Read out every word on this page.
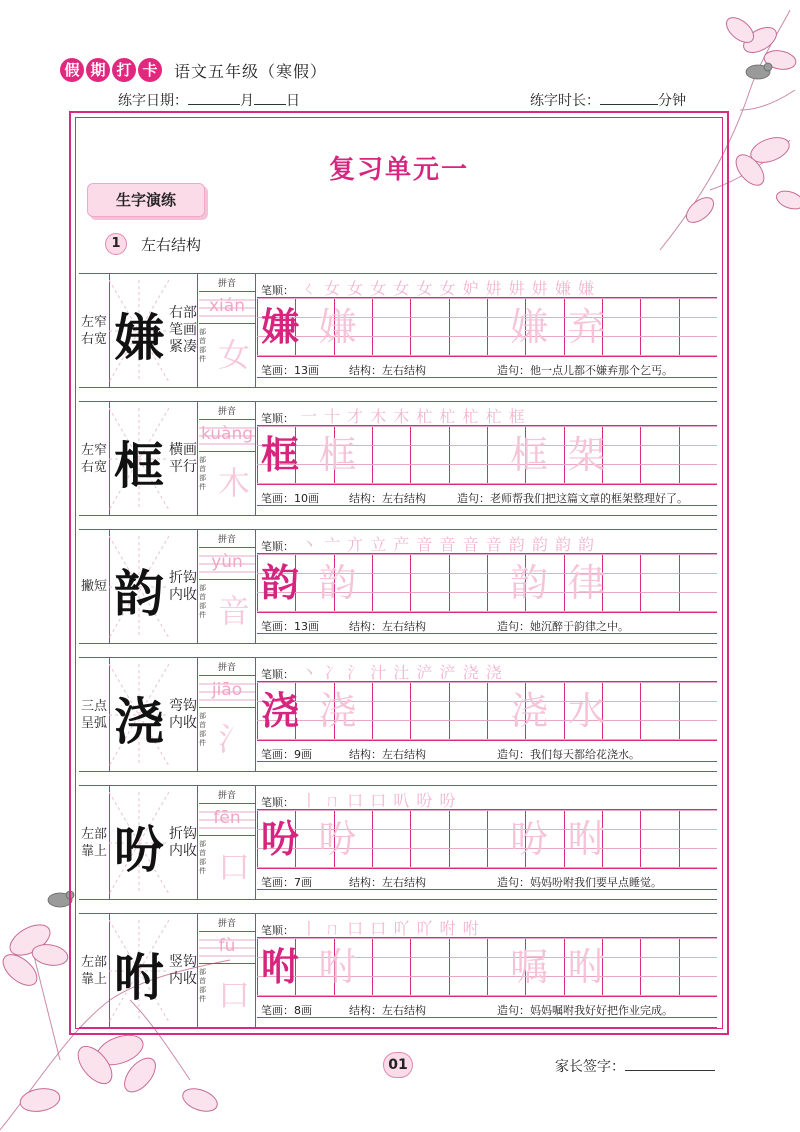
假 期 打 卡 语文五年级（寒假）
练字日期：	月 日	练字时长：	分钟
复习单元一
生字演练
1	左右结构
左窄右宽 嫌 右部笔画紧凑
拼音
xián
部首部件 女
笔顺： ㄑ 女 女 女 女 女 女 妒 妌 妌 妌 嫌 嫌
嫌 嫌	嫌 弃
笔画：13画	结构：左右结构	造句：他一点儿都不嫌弃那个乞丐。
左窄右宽 框 横画平行
拼音
kuàng
部首部件 木
笔顺： 一 十 才 木 木 杧 杧 杧 杧 框
框 框	框 架
笔画：10画	结构：左右结构	造句：老师帮我们把这篇文章的框架整理好了。
撇短 韵 折钩内收
拼音
yùn
部首部件 音
笔顺： 丶 亠 亣 立 产 音 音 音 音 韵 韵 韵 韵
韵 韵	韵 律
笔画：13画	结构：左右结构	造句：她沉醉于韵律之中。
三点呈弧 浇 弯钩内收
拼音
jiāo
部首部件 氵
笔顺： 丶 冫 氵 汁 汢 浐 浐 浇 浇
浇 浇	浇 水
笔画：9画	结构：左右结构	造句：我们每天都给花浇水。
左部靠上 吩 折钩内收
拼音
fēn
部首部件 口
笔顺： 丨 ㄇ 口 口 叭 吩 吩
吩 吩	吩 咐
笔画：7画	结构：左右结构	造句：妈妈吩咐我们要早点睡觉。
左部靠上 咐 竖钩内收
拼音
fù
部首部件 口
笔顺： 丨 ㄇ 口 口 吖 吖 咐 咐
咐 咐	嘱 咐
笔画：8画	结构：左右结构	造句：妈妈嘱咐我好好把作业完成。
01	家长签字：
